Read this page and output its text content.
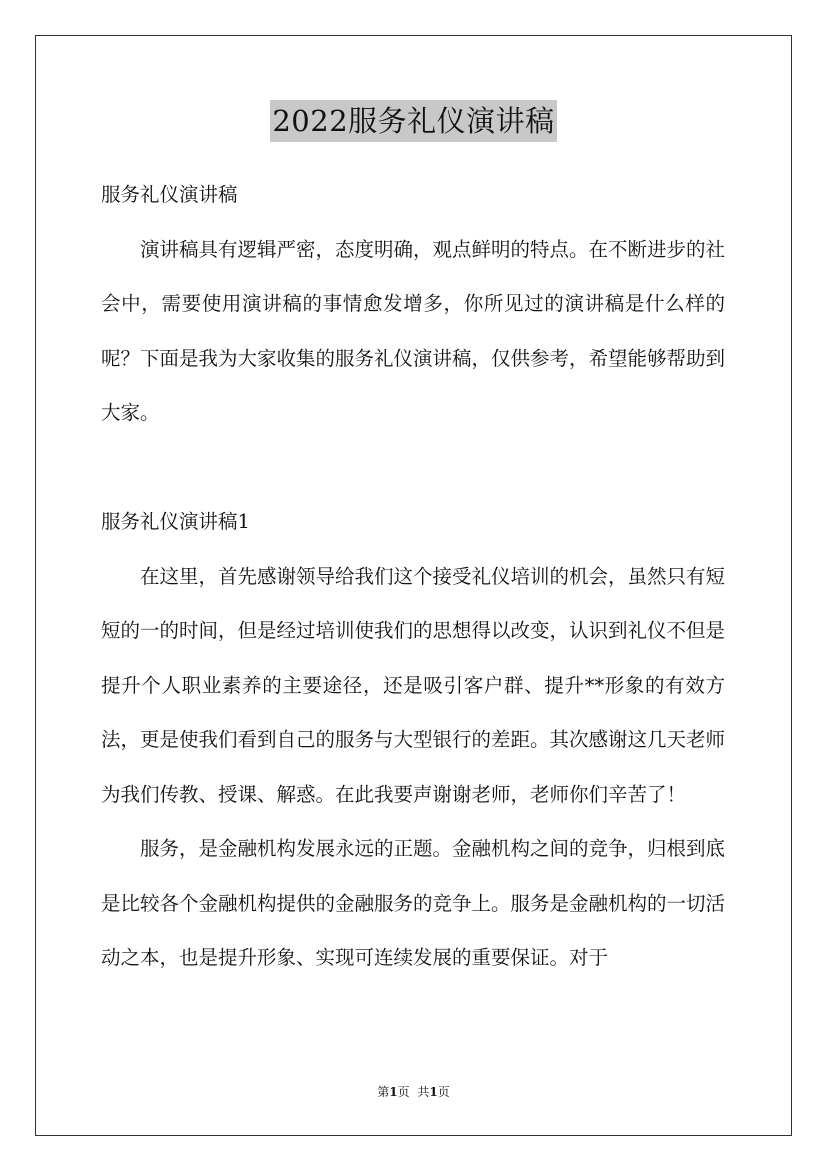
2022服务礼仪演讲稿

服务礼仪演讲稿

演讲稿具有逻辑严密，态度明确，观点鲜明的特点。在不断进步的社会中，需要使用演讲稿的事情愈发增多，你所见过的演讲稿是什么样的呢？下面是我为大家收集的服务礼仪演讲稿，仅供参考，希望能够帮助到大家。

服务礼仪演讲稿1

在这里，首先感谢领导给我们这个接受礼仪培训的机会，虽然只有短短的一的时间，但是经过培训使我们的思想得以改变，认识到礼仪不但是提升个人职业素养的主要途径，还是吸引客户群、提升**形象的有效方法，更是使我们看到自己的服务与大型银行的差距。其次感谢这几天老师为我们传教、授课、解惑。在此我要声谢谢老师，老师你们辛苦了！

服务，是金融机构发展永远的正题。金融机构之间的竞争，归根到底是比较各个金融机构提供的金融服务的竞争上。服务是金融机构的一切活动之本，也是提升形象、实现可连续发展的重要保证。对于

第1页 共1页
